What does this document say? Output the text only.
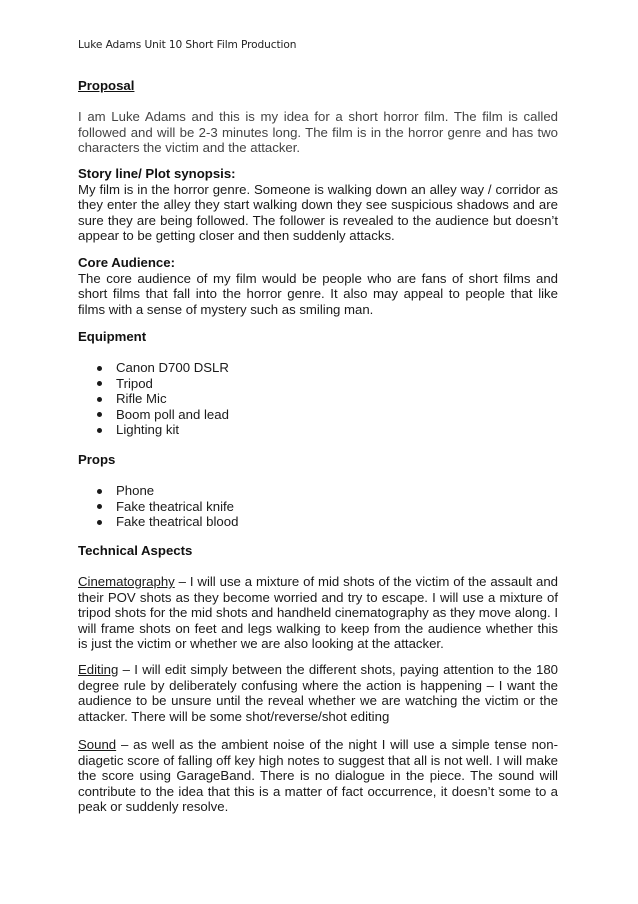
Luke Adams Unit 10 Short Film Production
Proposal

I am Luke Adams and this is my idea for a short horror film. The film is called followed and will be 2-3 minutes long. The film is in the horror genre and has two characters the victim and the attacker.

Story line/ Plot synopsis:

My film is in the horror genre. Someone is walking down an alley way / corridor as they enter the alley they start walking down they see suspicious shadows and are sure they are being followed. The follower is revealed to the audience but doesn’t appear to be getting closer and then suddenly attacks.

Core Audience:

The core audience of my film would be people who are fans of short films and short films that fall into the horror genre. It also may appeal to people that like films with a sense of mystery such as smiling man.

Equipment
Canon D700 DSLR
Tripod
Rifle Mic
Boom poll and lead
Lighting kit
Props
Phone
Fake theatrical knife
Fake theatrical blood
Technical Aspects

Cinematography – I will use a mixture of mid shots of the victim of the assault and their POV shots as they become worried and try to escape. I will use a mixture of tripod shots for the mid shots and handheld cinematography as they move along. I will frame shots on feet and legs walking to keep from the audience whether this is just the victim or whether we are also looking at the attacker.

Editing – I will edit simply between the different shots, paying attention to the 180 degree rule by deliberately confusing where the action is happening – I want the audience to be unsure until the reveal whether we are watching the victim or the attacker. There will be some shot/reverse/shot editing

Sound – as well as the ambient noise of the night I will use a simple tense non-diagetic score of falling off key high notes to suggest that all is not well. I will make the score using GarageBand. There is no dialogue in the piece. The sound will contribute to the idea that this is a matter of fact occurrence, it doesn’t some to a peak or suddenly resolve.
